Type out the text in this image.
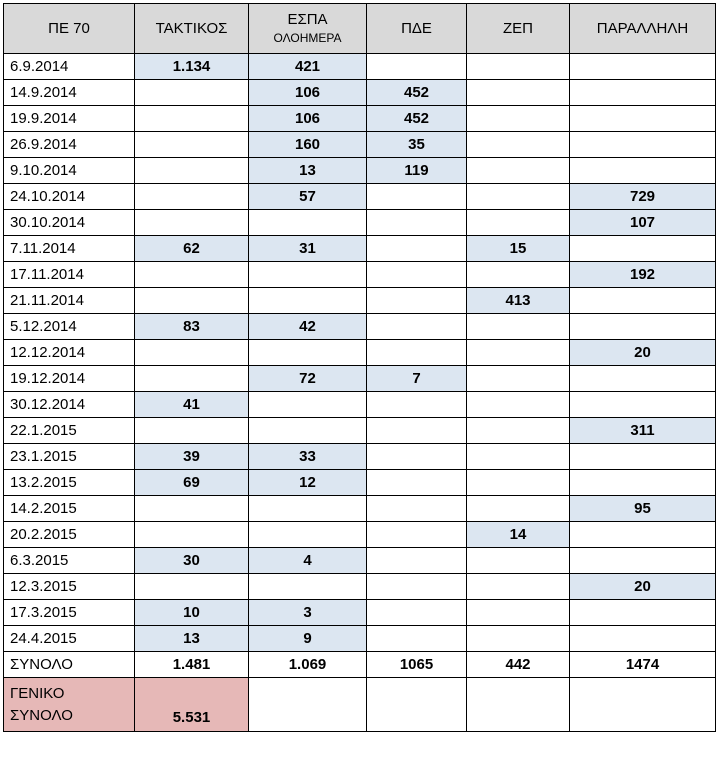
ΠΕ 70	ΤΑΚΤΙΚΟΣ	ΕΣΠΑ
ΟΛΟΗΜΕΡΑ	ΠΔΕ	ΖΕΠ	ΠΑΡΑΛΛΗΛΗ
6.9.2014	1.134	421			
14.9.2014		106	452		
19.9.2014		106	452		
26.9.2014		160	35		
9.10.2014		13	119		
24.10.2014		57			729
30.10.2014					107
7.11.2014	62	31		15	
17.11.2014					192
21.11.2014				413	
5.12.2014	83	42			
12.12.2014					20
19.12.2014		72	7		
30.12.2014	41				
22.1.2015					311
23.1.2015	39	33			
13.2.2015	69	12			
14.2.2015					95
20.2.2015				14	
6.3.2015	30	4			
12.3.2015					20
17.3.2015	10	3			
24.4.2015	13	9			
ΣΥΝΟΛΟ	1.481	1.069	1065	442	1474

ΓΕΝΙΚΟ
ΣΥΝΟΛΟ	5.531				
